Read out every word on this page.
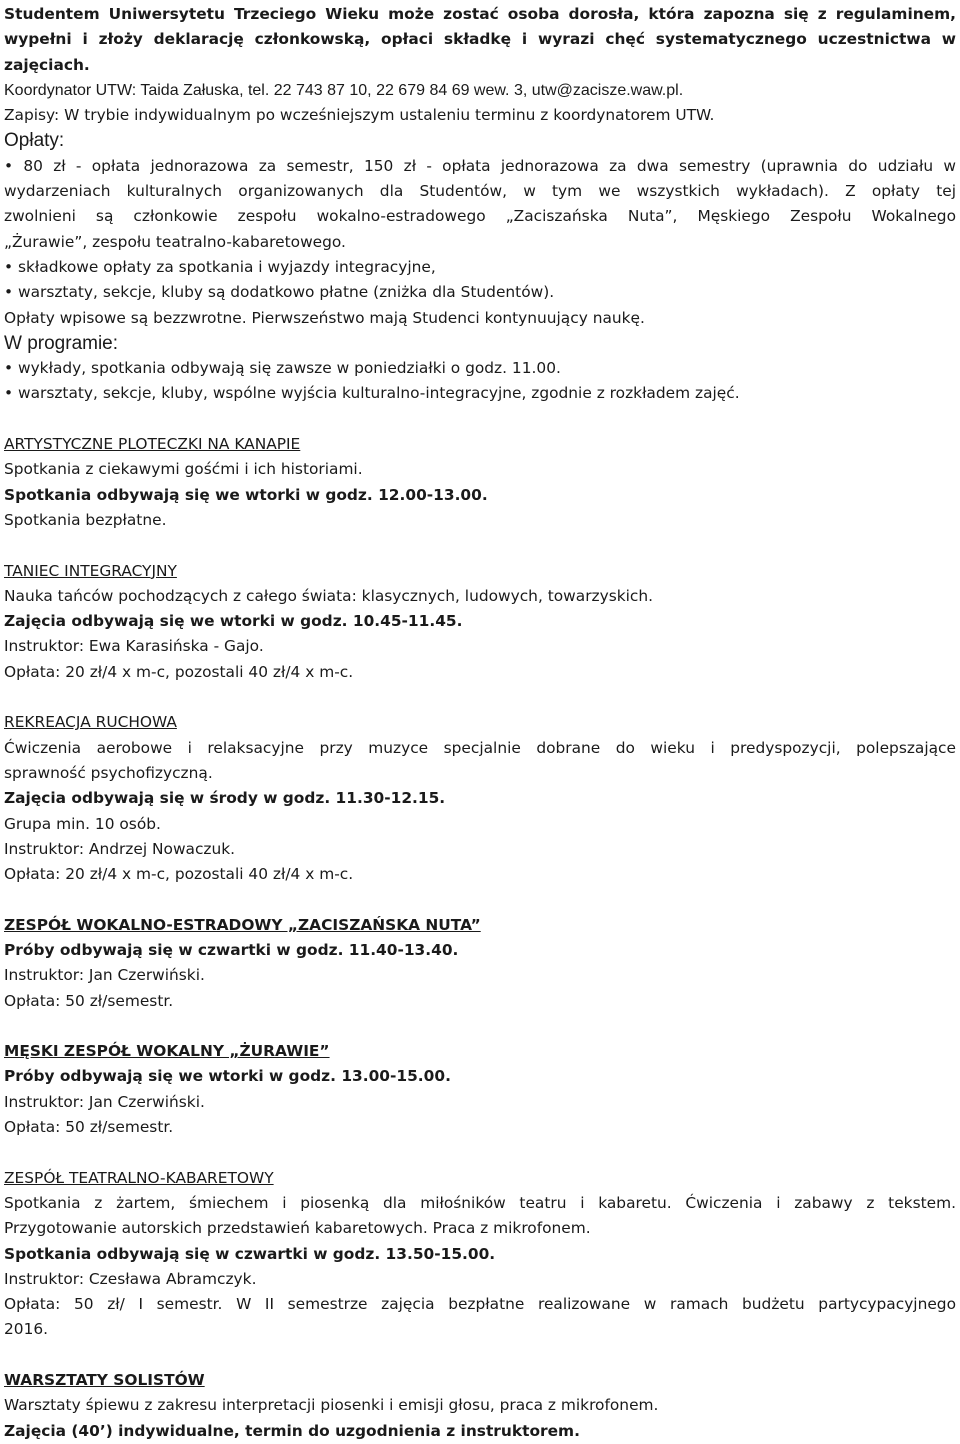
Studentem Uniwersytetu Trzeciego Wieku może zostać osoba dorosła, która zapozna się z regulaminem,
wypełni i złoży deklarację członkowską, opłaci składkę i wyrazi chęć systematycznego uczestnictwa w
zajęciach.
Koordynator UTW: Taida Załuska, tel. 22 743 87 10, 22 679 84 69 wew. 3, utw@zacisze.waw.pl.
Zapisy: W trybie indywidualnym po wcześniejszym ustaleniu terminu z koordynatorem UTW.
Opłaty:
• 80 zł - opłata jednorazowa za semestr, 150 zł - opłata jednorazowa za dwa semestry (uprawnia do udziału w
wydarzeniach kulturalnych organizowanych dla Studentów, w tym we wszystkich wykładach). Z opłaty tej
zwolnieni są członkowie zespołu wokalno-estradowego „Zaciszańska Nuta”, Męskiego Zespołu Wokalnego
„Żurawie”, zespołu teatralno-kabaretowego.
• składkowe opłaty za spotkania i wyjazdy integracyjne,
• warsztaty, sekcje, kluby są dodatkowo płatne (zniżka dla Studentów).
Opłaty wpisowe są bezzwrotne. Pierwszeństwo mają Studenci kontynuujący naukę.
W programie:
• wykłady, spotkania odbywają się zawsze w poniedziałki o godz. 11.00.
• warsztaty, sekcje, kluby, wspólne wyjścia kulturalno-integracyjne, zgodnie z rozkładem zajęć.
ARTYSTYCZNE PLOTECZKI NA KANAPIE
Spotkania z ciekawymi gośćmi i ich historiami.
Spotkania odbywają się we wtorki w godz. 12.00-13.00.
Spotkania bezpłatne.
TANIEC INTEGRACYJNY
Nauka tańców pochodzących z całego świata: klasycznych, ludowych, towarzyskich.
Zajęcia odbywają się we wtorki w godz. 10.45-11.45.
Instruktor: Ewa Karasińska - Gajo.
Opłata: 20 zł/4 x m-c, pozostali 40 zł/4 x m-c.
REKREACJA RUCHOWA
Ćwiczenia aerobowe i relaksacyjne przy muzyce specjalnie dobrane do wieku i predyspozycji, polepszające
sprawność psychofizyczną.
Zajęcia odbywają się w środy w godz. 11.30-12.15.
Grupa min. 10 osób.
Instruktor: Andrzej Nowaczuk.
Opłata: 20 zł/4 x m-c, pozostali 40 zł/4 x m-c.
ZESPÓŁ WOKALNO-ESTRADOWY „ZACISZAŃSKA NUTA”
Próby odbywają się w czwartki w godz. 11.40-13.40.
Instruktor: Jan Czerwiński.
Opłata: 50 zł/semestr.
MĘSKI ZESPÓŁ WOKALNY „ŻURAWIE”
Próby odbywają się we wtorki w godz. 13.00-15.00.
Instruktor: Jan Czerwiński.
Opłata: 50 zł/semestr.
ZESPÓŁ TEATRALNO-KABARETOWY
Spotkania z żartem, śmiechem i piosenką dla miłośników teatru i kabaretu. Ćwiczenia i zabawy z tekstem.
Przygotowanie autorskich przedstawień kabaretowych. Praca z mikrofonem.
Spotkania odbywają się w czwartki w godz. 13.50-15.00.
Instruktor: Czesława Abramczyk.
Opłata: 50 zł/ I semestr. W II semestrze zajęcia bezpłatne realizowane w ramach budżetu partycypacyjnego
2016.
WARSZTATY SOLISTÓW
Warsztaty śpiewu z zakresu interpretacji piosenki i emisji głosu, praca z mikrofonem.
Zajęcia (40’) indywidualne, termin do uzgodnienia z instruktorem.
